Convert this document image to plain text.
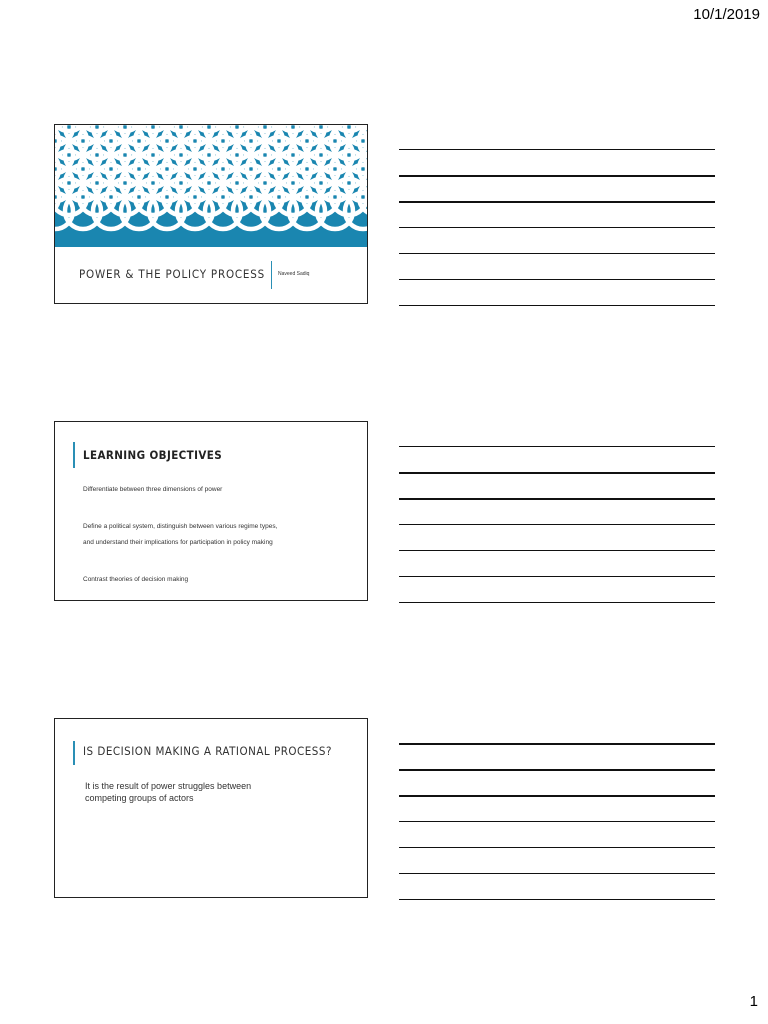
10/1/2019
POWER & THE POLICY PROCESS	Naveed Sadiq
LEARNING OBJECTIVES
Differentiate between three dimensions of power
Define a political system, distinguish between various regime types,
and understand their implications for participation in policy making
Contrast theories of decision making
IS DECISION MAKING A RATIONAL PROCESS?
It is the result of power struggles between
competing groups of actors
1
